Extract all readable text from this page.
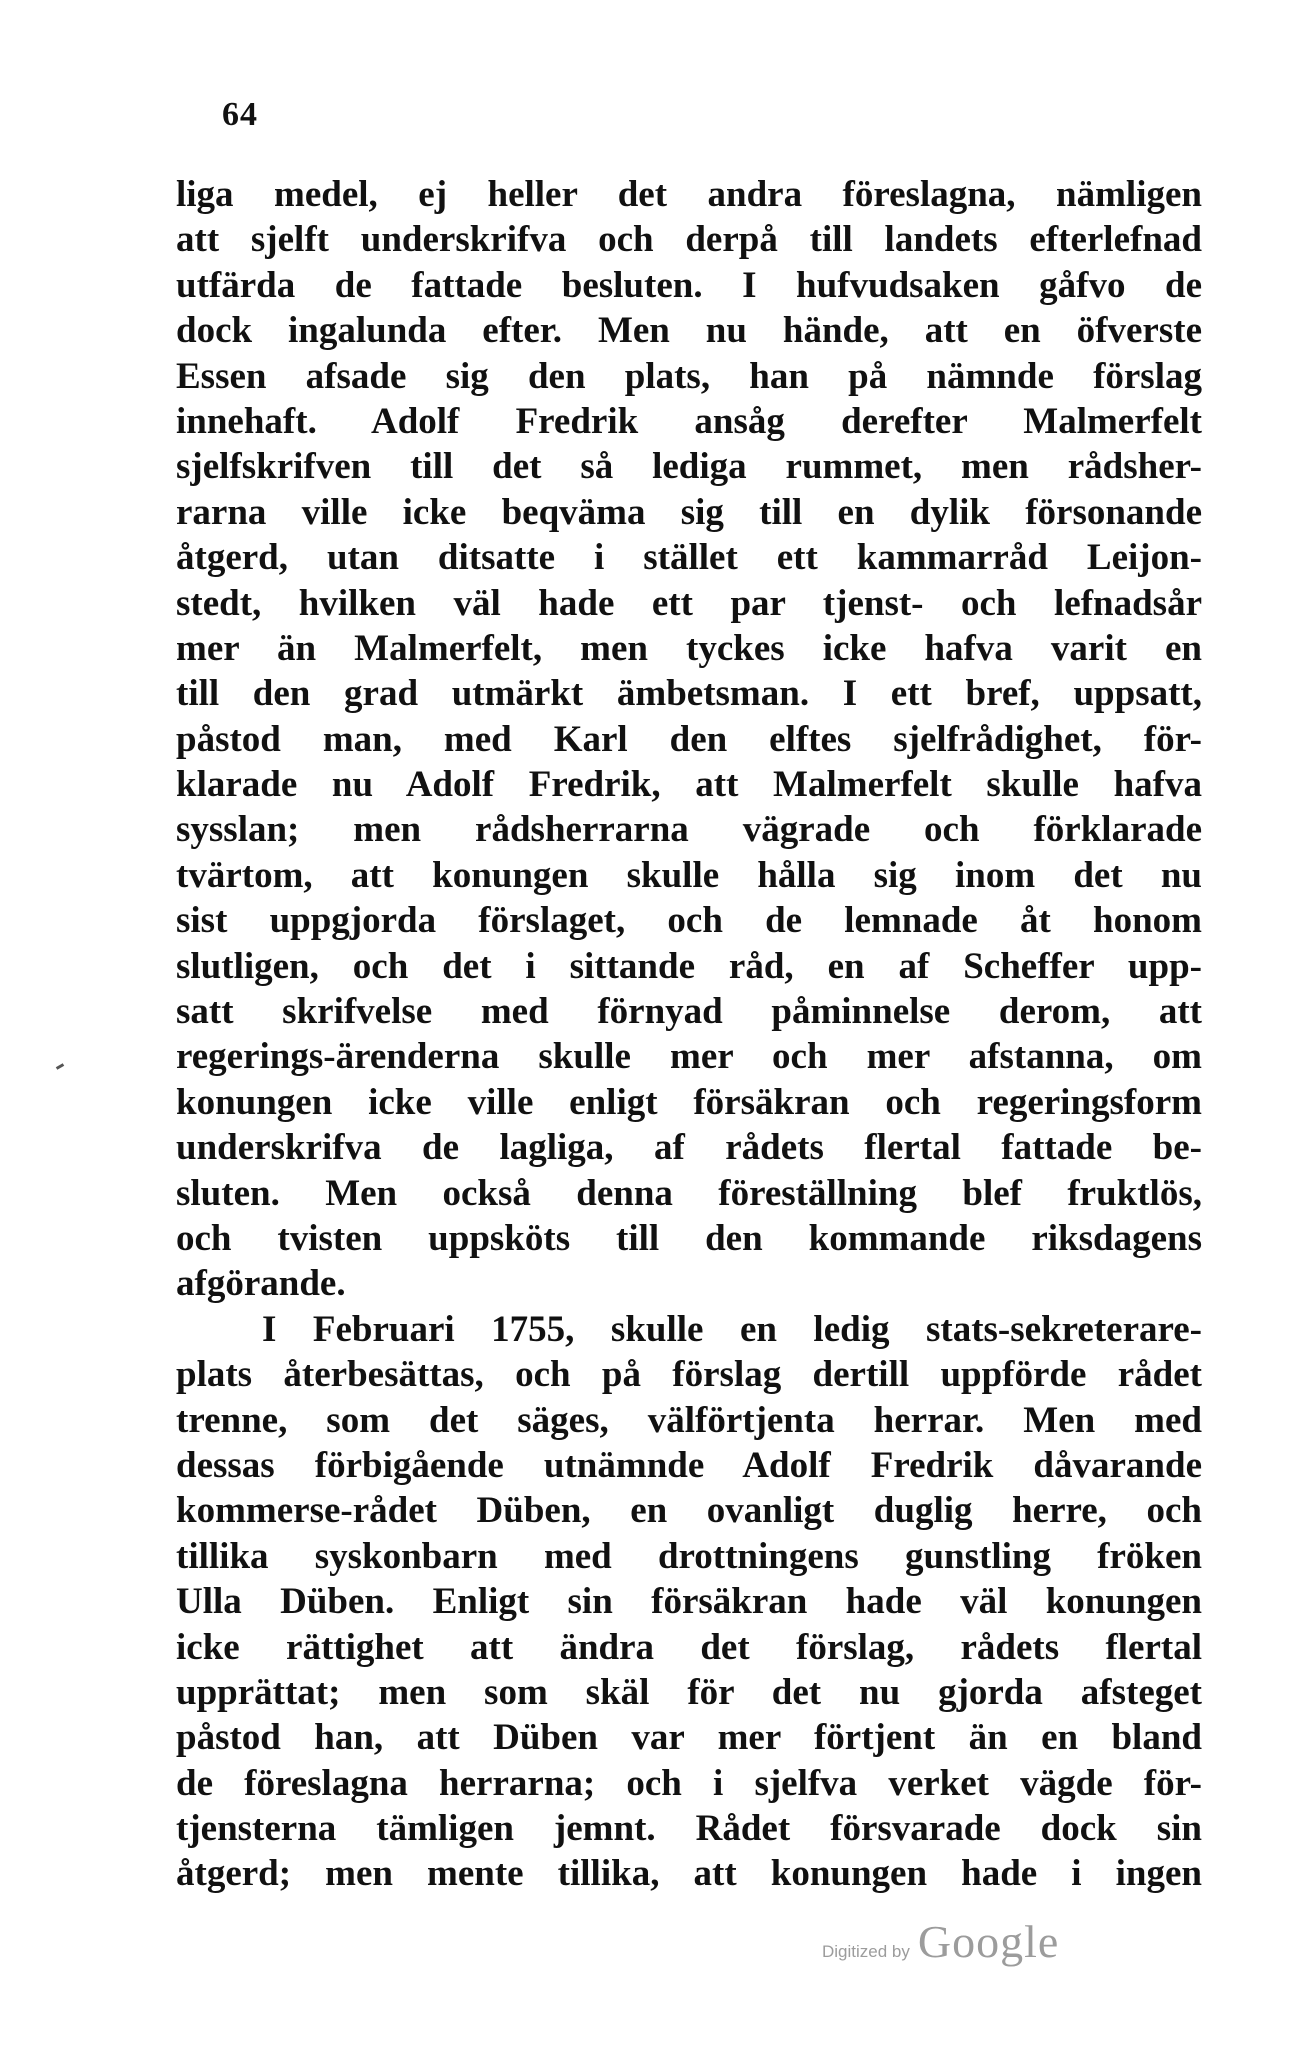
64
liga medel, ej heller det andra föreslagna, nämligen
att sjelft underskrifva och derpå till landets efterlefnad
utfärda de fattade besluten. I hufvudsaken gåfvo de
dock ingalunda efter. Men nu hände, att en öfverste
Essen afsade sig den plats, han på nämnde förslag
innehaft. Adolf Fredrik ansåg derefter Malmerfelt
sjelfskrifven till det så lediga rummet, men rådsher-
rarna ville icke beqväma sig till en dylik försonande
åtgerd, utan ditsatte i stället ett kammarråd Leijon-
stedt, hvilken väl hade ett par tjenst- och lefnadsår
mer än Malmerfelt, men tyckes icke hafva varit en
till den grad utmärkt ämbetsman. I ett bref, uppsatt,
påstod man, med Karl den elftes sjelfrådighet, för-
klarade nu Adolf Fredrik, att Malmerfelt skulle hafva
sysslan; men rådsherrarna vägrade och förklarade
tvärtom, att konungen skulle hålla sig inom det nu
sist uppgjorda förslaget, och de lemnade åt honom
slutligen, och det i sittande råd, en af Scheffer upp-
satt skrifvelse med förnyad påminnelse derom, att
regerings-ärenderna skulle mer och mer afstanna, om
konungen icke ville enligt försäkran och regeringsform
underskrifva de lagliga, af rådets flertal fattade be-
sluten. Men också denna föreställning blef fruktlös,
och tvisten uppsköts till den kommande riksdagens
afgörande.
I Februari 1755, skulle en ledig stats-sekreterare-
plats återbesättas, och på förslag dertill uppförde rådet
trenne, som det säges, välförtjenta herrar. Men med
dessas förbigående utnämnde Adolf Fredrik dåvarande
kommerse-rådet Düben, en ovanligt duglig herre, och
tillika syskonbarn med drottningens gunstling fröken
Ulla Düben. Enligt sin försäkran hade väl konungen
icke rättighet att ändra det förslag, rådets flertal
upprättat; men som skäl för det nu gjorda afsteget
påstod han, att Düben var mer förtjent än en bland
de föreslagna herrarna; och i sjelfva verket vägde för-
tjensterna tämligen jemnt. Rådet försvarade dock sin
åtgerd; men mente tillika, att konungen hade i ingen
Digitized by Google
